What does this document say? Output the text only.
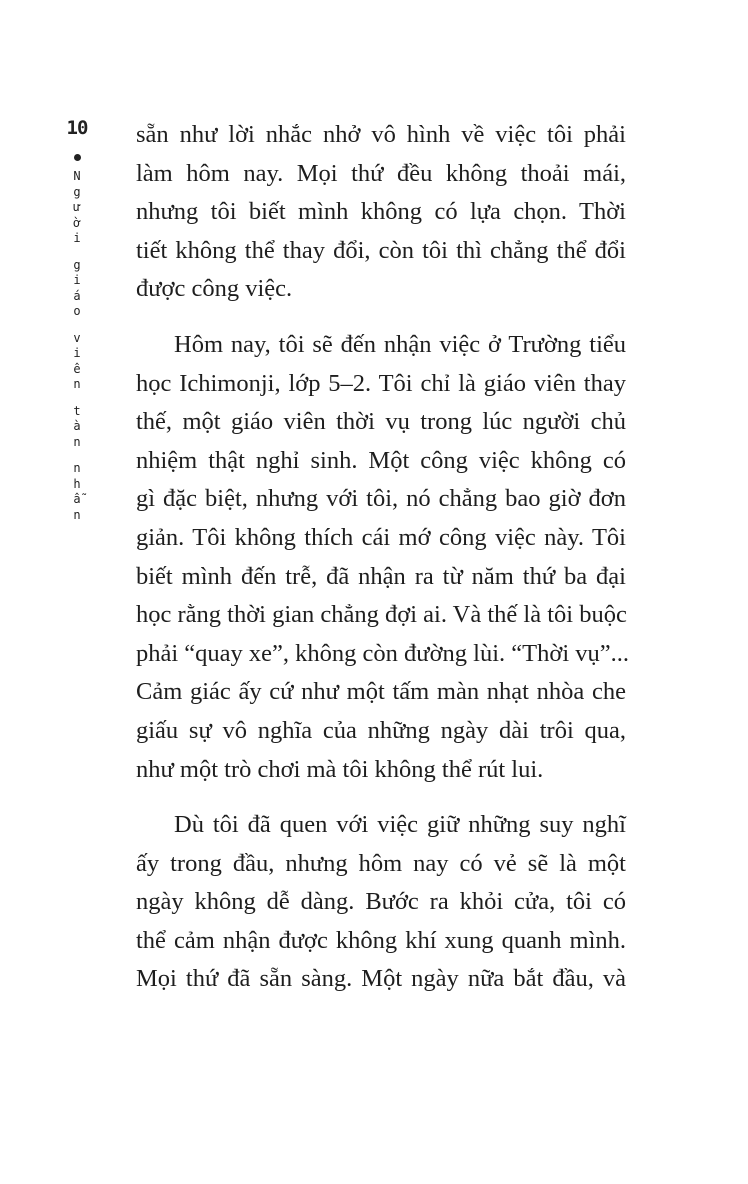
10
N
g
ư
ờ
i
g
i
á
o
v
i
ê
n
t
à
n
n
h
ẫ
n

sẵn như lời nhắc nhở vô hình về việc tôi phải
làm hôm nay. Mọi thứ đều không thoải mái,
nhưng tôi biết mình không có lựa chọn. Thời
tiết không thể thay đổi, còn tôi thì chẳng thể đổi
được công việc.

Hôm nay, tôi sẽ đến nhận việc ở Trường tiểu
học Ichimonji, lớp 5–2. Tôi chỉ là giáo viên thay
thế, một giáo viên thời vụ trong lúc người chủ
nhiệm thật nghỉ sinh. Một công việc không có
gì đặc biệt, nhưng với tôi, nó chẳng bao giờ đơn
giản. Tôi không thích cái mớ công việc này. Tôi
biết mình đến trễ, đã nhận ra từ năm thứ ba đại
học rằng thời gian chẳng đợi ai. Và thế là tôi buộc
phải “quay xe”, không còn đường lùi. “Thời vụ”...
Cảm giác ấy cứ như một tấm màn nhạt nhòa che
giấu sự vô nghĩa của những ngày dài trôi qua,
như một trò chơi mà tôi không thể rút lui.

Dù tôi đã quen với việc giữ những suy nghĩ
ấy trong đầu, nhưng hôm nay có vẻ sẽ là một
ngày không dễ dàng. Bước ra khỏi cửa, tôi có
thể cảm nhận được không khí xung quanh mình.
Mọi thứ đã sẵn sàng. Một ngày nữa bắt đầu, và
